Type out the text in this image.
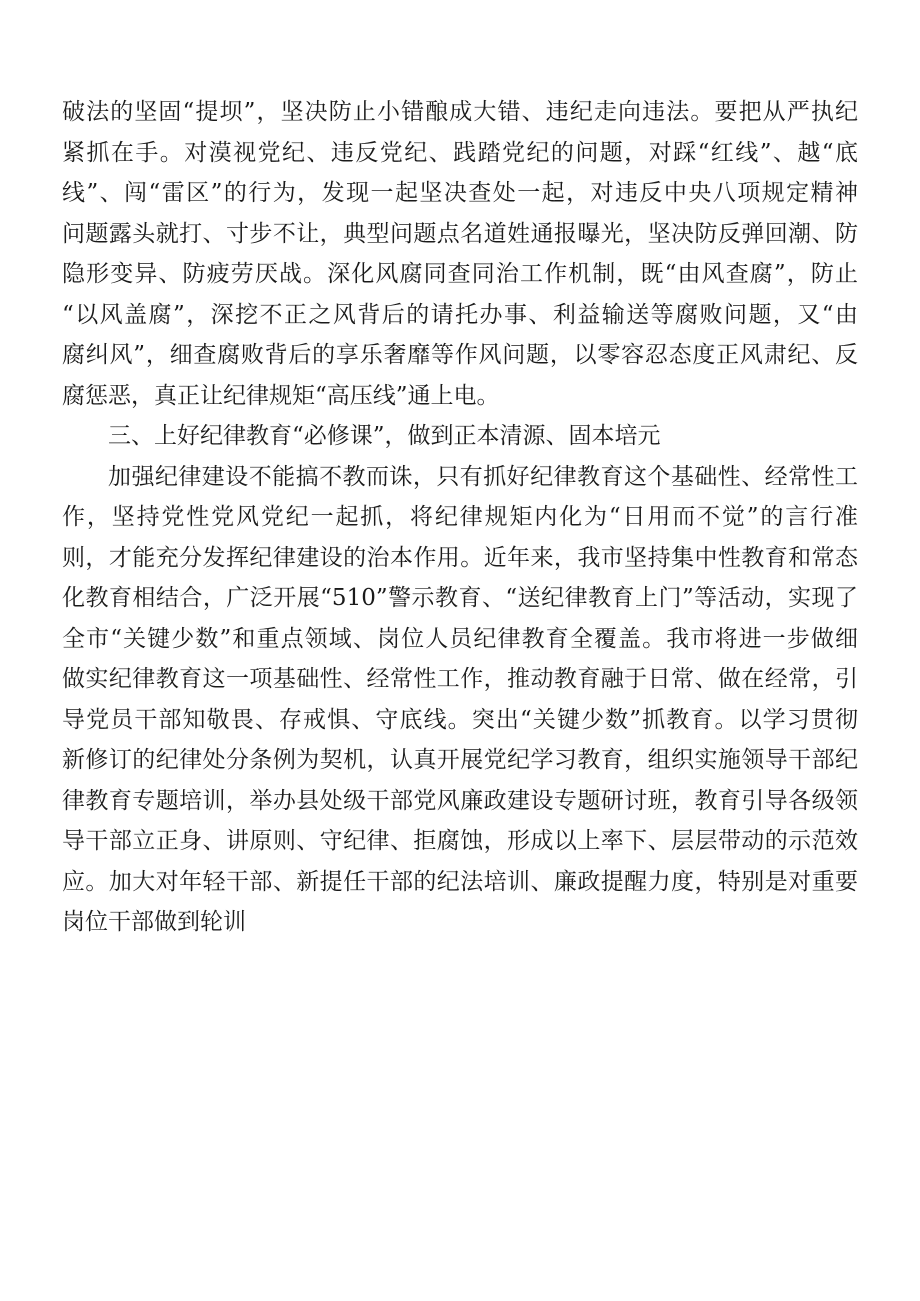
破法的坚固“提坝”，坚决防止小错酿成大错、违纪走向违法。要把从严执纪
紧抓在手。对漠视党纪、违反党纪、践踏党纪的问题，对踩“红线”、越“底
线”、闯“雷区”的行为，发现一起坚决查处一起，对违反中央八项规定精神
问题露头就打、寸步不让，典型问题点名道姓通报曝光，坚决防反弹回潮、防
隐形变异、防疲劳厌战。深化风腐同查同治工作机制，既“由风查腐”，防止
“以风盖腐”，深挖不正之风背后的请托办事、利益输送等腐败问题，又“由
腐纠风”，细查腐败背后的享乐奢靡等作风问题，以零容忍态度正风肃纪、反
腐惩恶，真正让纪律规矩“高压线”通上电。
三、上好纪律教育“必修课”，做到正本清源、固本培元
加强纪律建设不能搞不教而诛，只有抓好纪律教育这个基础性、经常性工
作，坚持党性党风党纪一起抓，将纪律规矩内化为“日用而不觉”的言行准
则，才能充分发挥纪律建设的治本作用。近年来，我市坚持集中性教育和常态
化教育相结合，广泛开展“510”警示教育、“送纪律教育上门”等活动，实现了
全市“关键少数”和重点领域、岗位人员纪律教育全覆盖。我市将进一步做细
做实纪律教育这一项基础性、经常性工作，推动教育融于日常、做在经常，引
导党员干部知敬畏、存戒惧、守底线。突出“关键少数”抓教育。以学习贯彻
新修订的纪律处分条例为契机，认真开展党纪学习教育，组织实施领导干部纪
律教育专题培训，举办县处级干部党风廉政建设专题研讨班，教育引导各级领
导干部立正身、讲原则、守纪律、拒腐蚀，形成以上率下、层层带动的示范效
应。加大对年轻干部、新提任干部的纪法培训、廉政提醒力度，特别是对重要
岗位干部做到轮训
